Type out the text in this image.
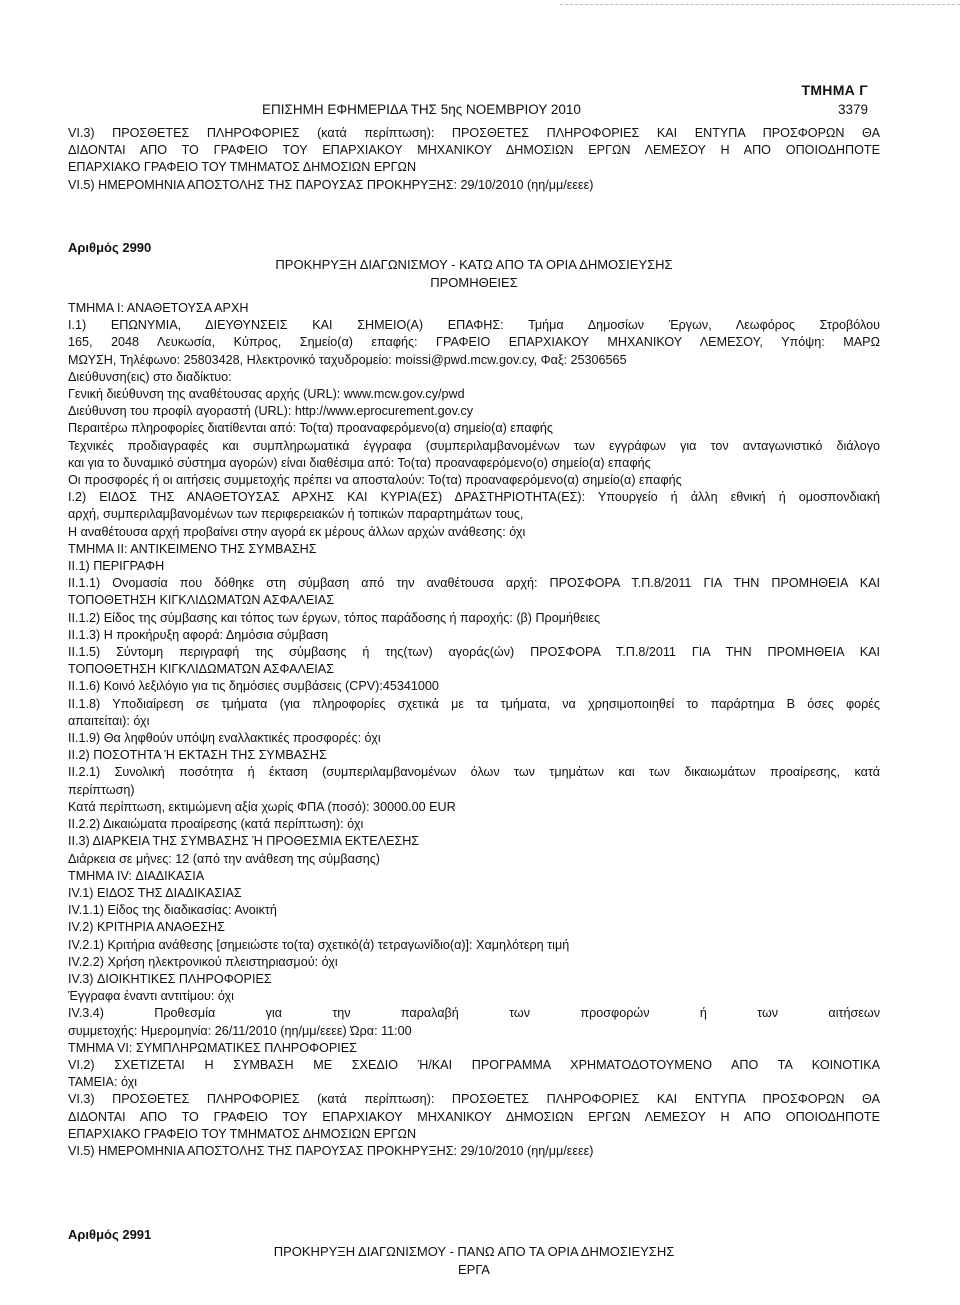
ΤΜΗΜΑ Γ
ΕΠΙΣΗΜΗ ΕΦΗΜΕΡΙΔΑ ΤΗΣ 5ης ΝΟΕΜΒΡΙΟΥ 2010	3379

VI.3) ΠΡΟΣΘΕΤΕΣ ΠΛΗΡΟΦΟΡΙΕΣ (κατά περίπτωση): ΠΡΟΣΘΕΤΕΣ ΠΛΗΡΟΦΟΡΙΕΣ ΚΑΙ ΕΝΤΥΠΑ ΠΡΟΣΦΟΡΩΝ ΘΑ

ΔΙΔΟΝΤΑΙ ΑΠΟ ΤΟ ΓΡΑΦΕΙΟ ΤΟΥ ΕΠΑΡΧΙΑΚΟΥ ΜΗΧΑΝΙΚΟΥ ΔΗΜΟΣΙΩΝ ΕΡΓΩΝ ΛΕΜΕΣΟΥ Η ΑΠΟ ΟΠΟΙΟΔΗΠΟΤΕ

ΕΠΑΡΧΙΑΚΟ ΓΡΑΦΕΙΟ ΤΟΥ ΤΜΗΜΑΤΟΣ ΔΗΜΟΣΙΩΝ ΕΡΓΩΝ

VI.5) ΗΜΕΡΟΜΗΝΙΑ ΑΠΟΣΤΟΛΗΣ ΤΗΣ ΠΑΡΟΥΣΑΣ ΠΡΟΚΗΡΥΞΗΣ: 29/10/2010 (ηη/μμ/εεεε)

Αριθμός 2990
ΠΡΟΚΗΡΥΞΗ ΔΙΑΓΩΝΙΣΜΟΥ - ΚΑΤΩ ΑΠΟ ΤΑ ΟΡΙΑ ΔΗΜΟΣΙΕΥΣΗΣ
ΠΡΟΜΗΘΕΙΕΣ

ΤΜΗΜΑ Ι: ΑΝΑΘΕΤΟΥΣΑ ΑΡΧΗ

Ι.1) ΕΠΩΝΥΜΙΑ, ΔΙΕΥΘΥΝΣΕΙΣ ΚΑΙ ΣΗΜΕΙΟ(Α) ΕΠΑΦΗΣ: Τμήμα Δημοσίων Έργων, Λεωφόρος Στροβόλου

165, 2048 Λευκωσία, Κύπρος, Σημείο(α) επαφής: ΓΡΑΦΕΙΟ ΕΠΑΡΧΙΑΚΟΥ ΜΗΧΑΝΙΚΟΥ ΛΕΜΕΣΟΥ, Υπόψη: ΜΑΡΩ

ΜΩΥΣΗ, Τηλέφωνο: 25803428, Ηλεκτρονικό ταχυδρομείο: moissi@pwd.mcw.gov.cy, Φαξ: 25306565

Διεύθυνση(εις) στο διαδίκτυο:

Γενική διεύθυνση της αναθέτουσας αρχής (URL): www.mcw.gov.cy/pwd

Διεύθυνση του προφίλ αγοραστή (URL): http://www.eprocurement.gov.cy

Περαιτέρω πληροφορίες διατίθενται από: Το(τα) προαναφερόμενο(α) σημείο(α) επαφής

Τεχνικές προδιαγραφές και συμπληρωματικά έγγραφα (συμπεριλαμβανομένων των εγγράφων για τον ανταγωνιστικό διάλογο

και για το δυναμικό σύστημα αγορών) είναι διαθέσιμα από: Το(τα) προαναφερόμενο(ο) σημείο(α) επαφής

Οι προσφορές ή οι αιτήσεις συμμετοχής πρέπει να αποσταλούν: Το(τα) προαναφερόμενο(α) σημείο(α) επαφής

Ι.2) ΕΙΔΟΣ ΤΗΣ ΑΝΑΘΕΤΟΥΣΑΣ ΑΡΧΗΣ ΚΑΙ ΚΥΡΙΑ(ΕΣ) ΔΡΑΣΤΗΡΙΟΤΗΤΑ(ΕΣ): Υπουργείο ή άλλη εθνική ή ομοσπονδιακή

αρχή, συμπεριλαμβανομένων των περιφερειακών ή τοπικών παραρτημάτων τους,

Η αναθέτουσα αρχή προβαίνει στην αγορά εκ μέρους άλλων αρχών ανάθεσης: όχι

ΤΜΗΜΑ ΙΙ: ΑΝΤΙΚΕΙΜΕΝΟ ΤΗΣ ΣΥΜΒΑΣΗΣ

ΙΙ.1) ΠΕΡΙΓΡΑΦΗ

ΙΙ.1.1) Ονομασία που δόθηκε στη σύμβαση από την αναθέτουσα αρχή: ΠΡΟΣΦΟΡΑ Τ.Π.8/2011 ΓΙΑ ΤΗΝ ΠΡΟΜΗΘΕΙΑ ΚΑΙ

ΤΟΠΟΘΕΤΗΣΗ ΚΙΓΚΛΙΔΩΜΑΤΩΝ ΑΣΦΑΛΕΙΑΣ

ΙΙ.1.2) Είδος της σύμβασης και τόπος των έργων, τόπος παράδοσης ή παροχής: (β) Προμήθειες

ΙΙ.1.3) Η προκήρυξη αφορά: Δημόσια σύμβαση

ΙΙ.1.5) Σύντομη περιγραφή της σύμβασης ή της(των) αγοράς(ών) ΠΡΟΣΦΟΡΑ Τ.Π.8/2011 ΓΙΑ ΤΗΝ ΠΡΟΜΗΘΕΙΑ ΚΑΙ

ΤΟΠΟΘΕΤΗΣΗ ΚΙΓΚΛΙΔΩΜΑΤΩΝ ΑΣΦΑΛΕΙΑΣ

ΙΙ.1.6) Κοινό λεξιλόγιο για τις δημόσιες συμβάσεις (CPV):45341000

ΙΙ.1.8) Υποδιαίρεση σε τμήματα (για πληροφορίες σχετικά με τα τμήματα, να χρησιμοποιηθεί το παράρτημα Β όσες φορές

απαιτείται): όχι

ΙΙ.1.9) Θα ληφθούν υπόψη εναλλακτικές προσφορές: όχι

ΙΙ.2) ΠΟΣΟΤΗΤΑ Ή ΕΚΤΑΣΗ ΤΗΣ ΣΥΜΒΑΣΗΣ

ΙΙ.2.1) Συνολική ποσότητα ή έκταση (συμπεριλαμβανομένων όλων των τμημάτων και των δικαιωμάτων προαίρεσης, κατά

περίπτωση)

Κατά περίπτωση, εκτιμώμενη αξία χωρίς ΦΠΑ (ποσό): 30000.00 EUR

ΙΙ.2.2) Δικαιώματα προαίρεσης (κατά περίπτωση): όχι

ΙΙ.3) ΔΙΑΡΚΕΙΑ ΤΗΣ ΣΥΜΒΑΣΗΣ Ή ΠΡΟΘΕΣΜΙΑ ΕΚΤΕΛΕΣΗΣ

Διάρκεια σε μήνες: 12 (από την ανάθεση της σύμβασης)

ΤΜΗΜΑ IV: ΔΙΑΔΙΚΑΣΙΑ

IV.1) ΕΙΔΟΣ ΤΗΣ ΔΙΑΔΙΚΑΣΙΑΣ

IV.1.1) Είδος της διαδικασίας: Ανοικτή

IV.2) ΚΡΙΤΗΡΙΑ ΑΝΑΘΕΣΗΣ

IV.2.1) Κριτήρια ανάθεσης [σημειώστε το(τα) σχετικό(ά) τετραγωνίδιο(α)]: Χαμηλότερη τιμή

IV.2.2) Χρήση ηλεκτρονικού πλειστηριασμού: όχι

IV.3) ΔΙΟΙΚΗΤΙΚΕΣ ΠΛΗΡΟΦΟΡΙΕΣ

Έγγραφα έναντι αντιτίμου: όχι

IV.3.4) Προθεσμία για την παραλαβή των προσφορών ή των αιτήσεων

συμμετοχής: Ημερομηνία: 26/11/2010 (ηη/μμ/εεεε) Ώρα: 11:00

ΤΜΗΜΑ VI: ΣΥΜΠΛΗΡΩΜΑΤΙΚΕΣ ΠΛΗΡΟΦΟΡΙΕΣ

VI.2) ΣΧΕΤΙΖΕΤΑΙ Η ΣΥΜΒΑΣΗ ΜΕ ΣΧΕΔΙΟ Ή/ΚΑΙ ΠΡΟΓΡΑΜΜΑ ΧΡΗΜΑΤΟΔΟΤΟΥΜΕΝΟ ΑΠΟ ΤΑ ΚΟΙΝΟΤΙΚΑ

ΤΑΜΕΙΑ: όχι

VI.3) ΠΡΟΣΘΕΤΕΣ ΠΛΗΡΟΦΟΡΙΕΣ (κατά περίπτωση): ΠΡΟΣΘΕΤΕΣ ΠΛΗΡΟΦΟΡΙΕΣ ΚΑΙ ΕΝΤΥΠΑ ΠΡΟΣΦΟΡΩΝ ΘΑ

ΔΙΔΟΝΤΑΙ ΑΠΟ ΤΟ ΓΡΑΦΕΙΟ ΤΟΥ ΕΠΑΡΧΙΑΚΟΥ ΜΗΧΑΝΙΚΟΥ ΔΗΜΟΣΙΩΝ ΕΡΓΩΝ ΛΕΜΕΣΟΥ Η ΑΠΟ ΟΠΟΙΟΔΗΠΟΤΕ

ΕΠΑΡΧΙΑΚΟ ΓΡΑΦΕΙΟ ΤΟΥ ΤΜΗΜΑΤΟΣ ΔΗΜΟΣΙΩΝ ΕΡΓΩΝ

VI.5) ΗΜΕΡΟΜΗΝΙΑ ΑΠΟΣΤΟΛΗΣ ΤΗΣ ΠΑΡΟΥΣΑΣ ΠΡΟΚΗΡΥΞΗΣ: 29/10/2010 (ηη/μμ/εεεε)

Αριθμός 2991
ΠΡΟΚΗΡΥΞΗ ΔΙΑΓΩΝΙΣΜΟΥ - ΠΑΝΩ ΑΠΟ ΤΑ ΟΡΙΑ ΔΗΜΟΣΙΕΥΣΗΣ
ΕΡΓΑ
